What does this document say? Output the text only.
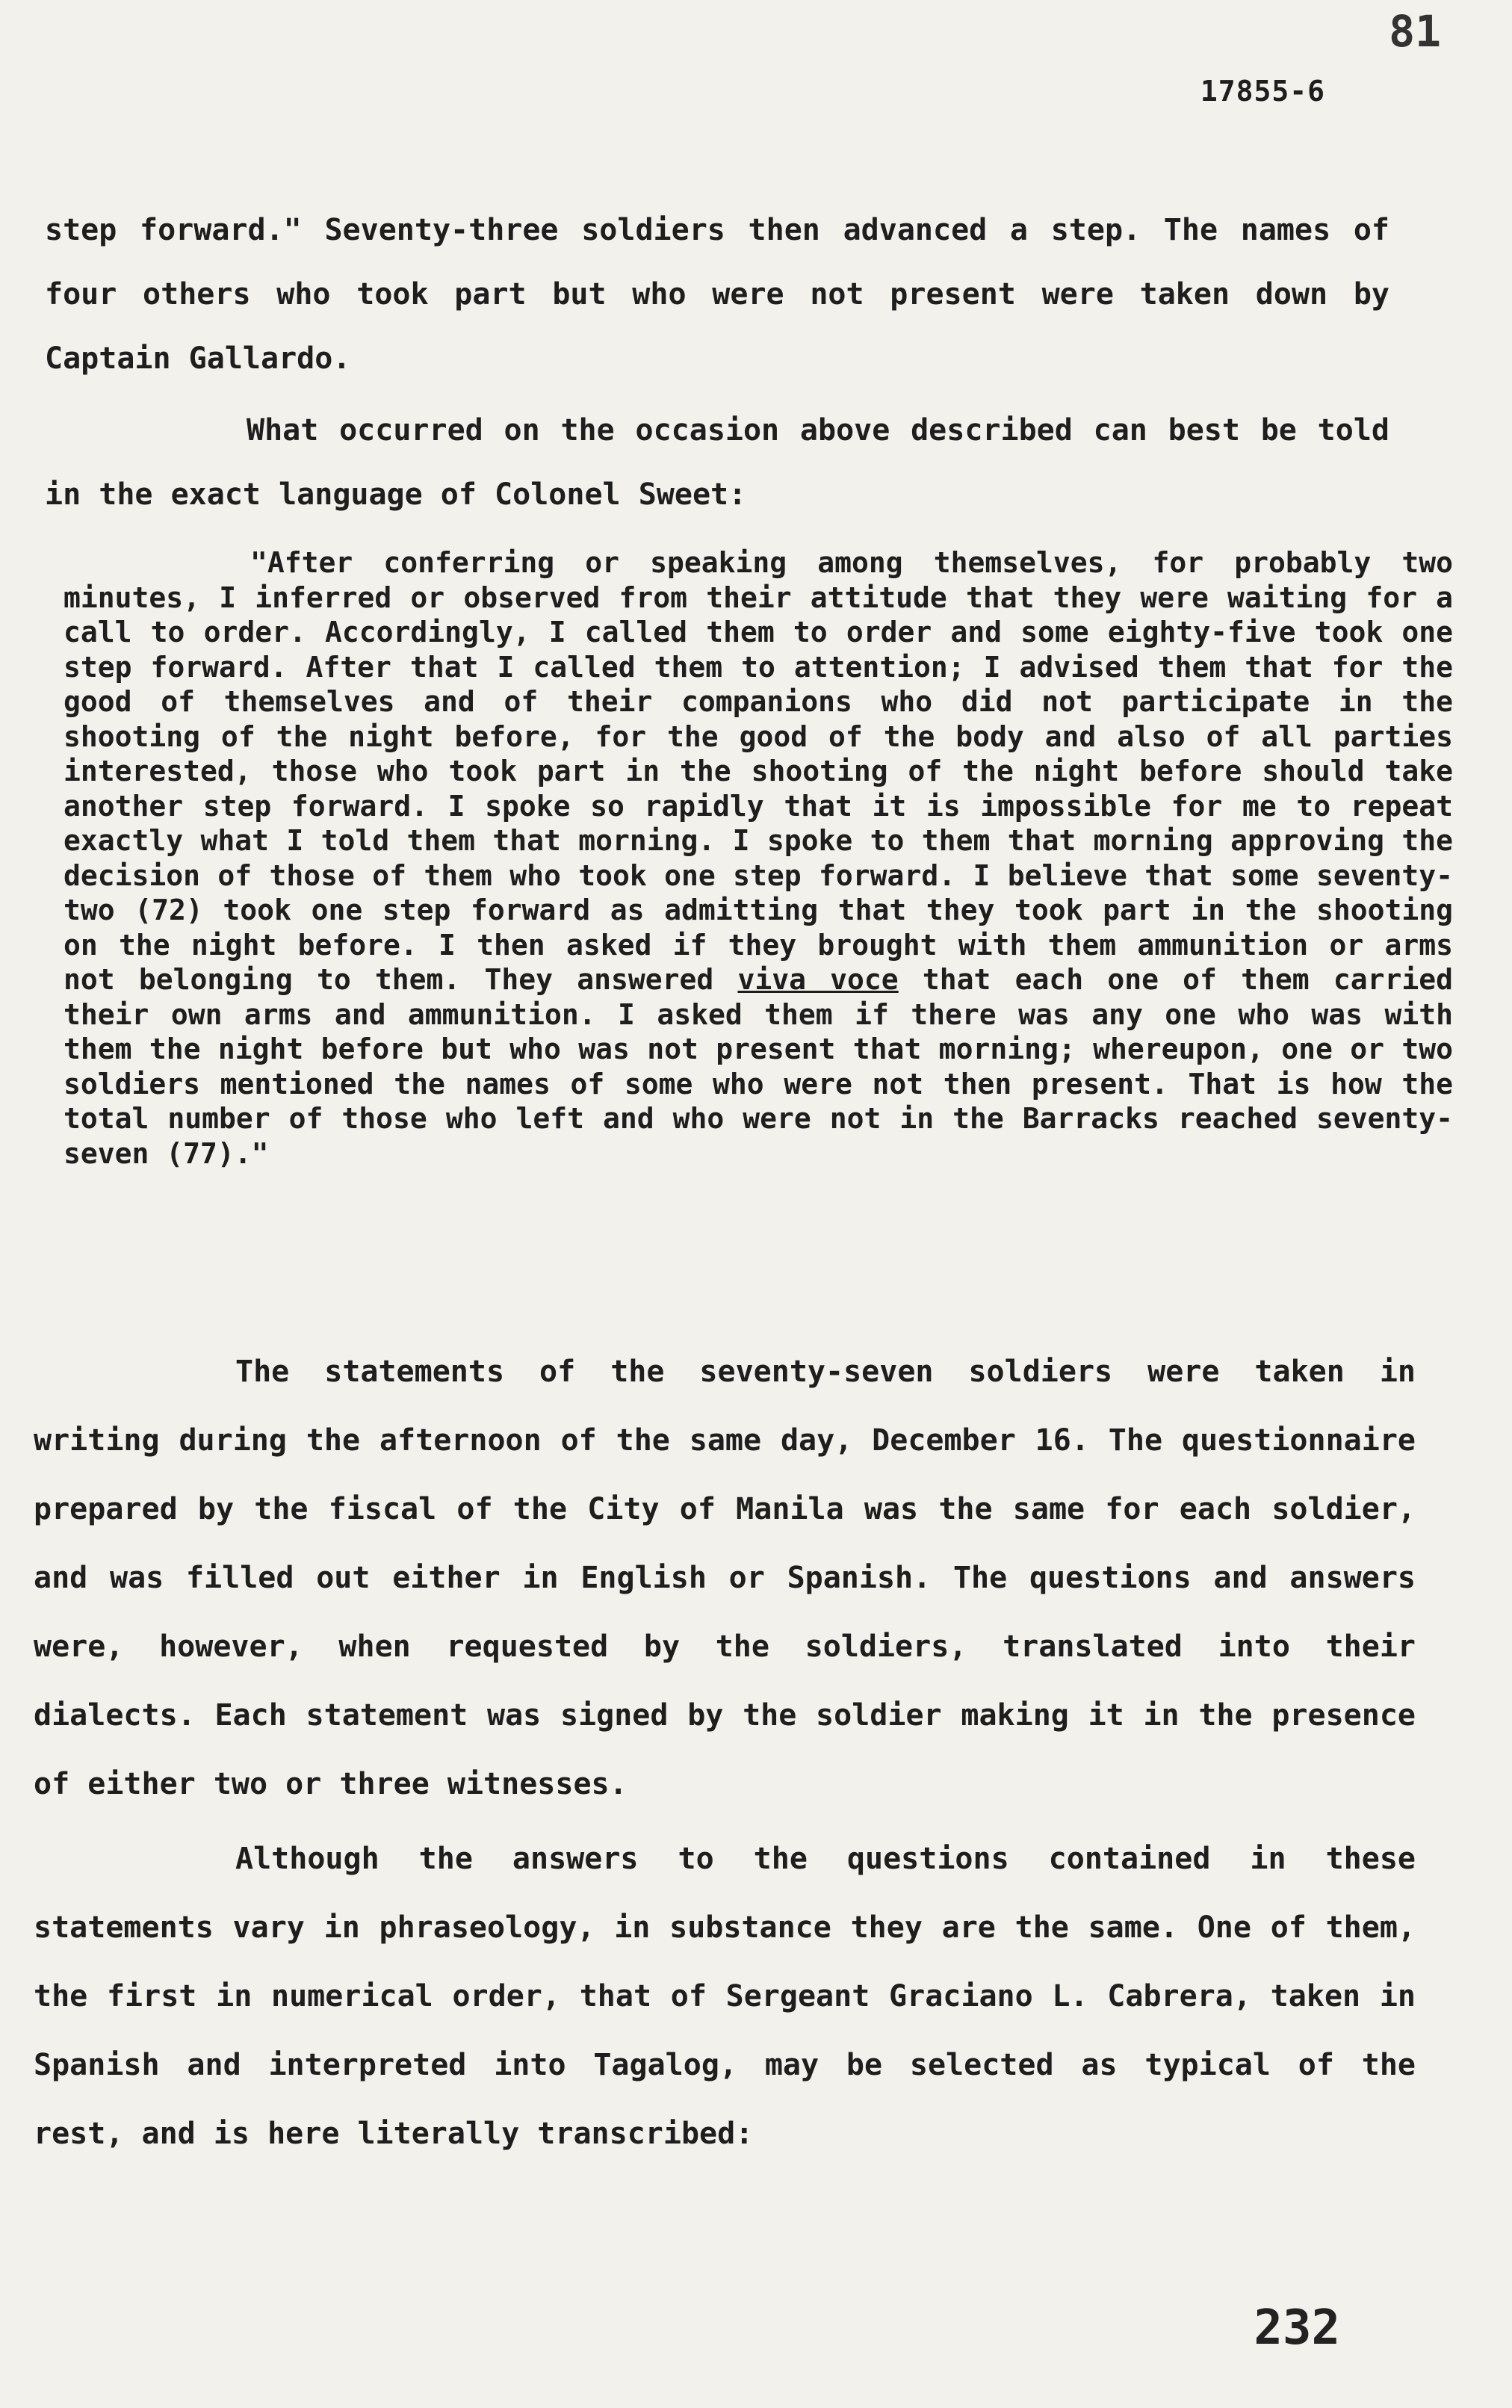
81
17855-6

step forward." Seventy-three soldiers then advanced a step. The names of four others who took part but who were not present were taken down by Captain Gallardo.

What occurred on the occasion above described can best be told in the exact language of Colonel Sweet:

"After conferring or speaking among themselves, for probably two minutes, I inferred or observed from their attitude that they were waiting for a call to order. Accordingly, I called them to order and some eighty-five took one step forward. After that I called them to attention; I advised them that for the good of themselves and of their companions who did not participate in the shooting of the night before, for the good of the body and also of all parties interested, those who took part in the shooting of the night before should take another step forward. I spoke so rapidly that it is impossible for me to repeat exactly what I told them that morning. I spoke to them that morning approving the decision of those of them who took one step forward. I believe that some seventy-two (72) took one step forward as admitting that they took part in the shooting on the night before. I then asked if they brought with them ammunition or arms not belonging to them. They answered viva voce that each one of them carried their own arms and ammunition. I asked them if there was any one who was with them the night before but who was not present that morning; whereupon, one or two soldiers mentioned the names of some who were not then present. That is how the total number of those who left and who were not in the Barracks reached seventy-seven (77)."

The statements of the seventy-seven soldiers were taken in writing during the afternoon of the same day, December 16. The questionnaire prepared by the fiscal of the City of Manila was the same for each soldier, and was filled out either in English or Spanish. The questions and answers were, however, when requested by the soldiers, translated into their dialects. Each statement was signed by the soldier making it in the presence of either two or three witnesses.

Although the answers to the questions contained in these statements vary in phraseology, in substance they are the same. One of them, the first in numerical order, that of Sergeant Graciano L. Cabrera, taken in Spanish and interpreted into Tagalog, may be selected as typical of the rest, and is here literally transcribed:

232
